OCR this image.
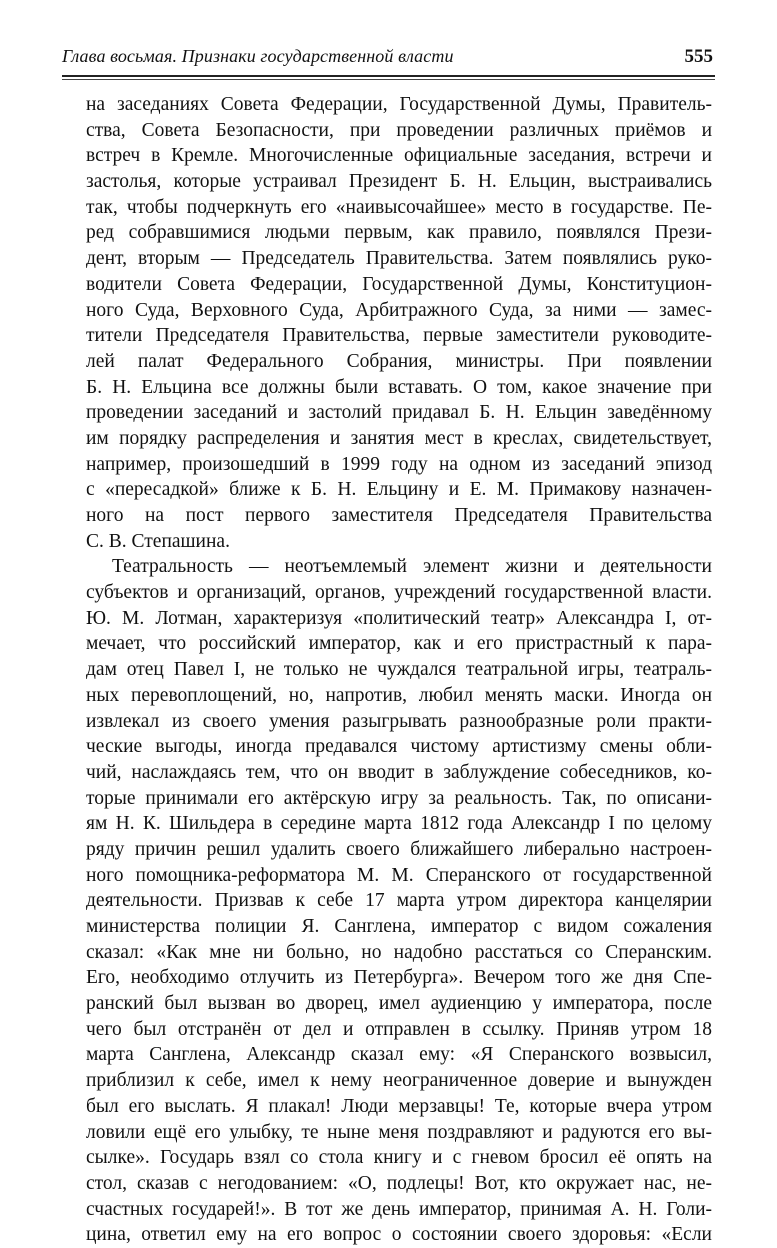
Глава восьмая. Признаки государственной власти	555
на заседаниях Совета Федерации, Государственной Думы, Правитель-
ства, Совета Безопасности, при проведении различных приёмов и
встреч в Кремле. Многочисленные официальные заседания, встречи и
застолья, которые устраивал Президент Б. Н. Ельцин, выстраивались
так, чтобы подчеркнуть его «наивысочайшее» место в государстве. Пе-
ред собравшимися людьми первым, как правило, появлялся Прези-
дент, вторым — Председатель Правительства. Затем появлялись руко-
водители Совета Федерации, Государственной Думы, Конституцион-
ного Суда, Верховного Суда, Арбитражного Суда, за ними — замес-
тители Председателя Правительства, первые заместители руководите-
лей палат Федерального Собрания, министры. При появлении
Б. Н. Ельцина все должны были вставать. О том, какое значение при
проведении заседаний и застолий придавал Б. Н. Ельцин заведённому
им порядку распределения и занятия мест в креслах, свидетельствует,
например, произошедший в 1999 году на одном из заседаний эпизод
с «пересадкой» ближе к Б. Н. Ельцину и Е. М. Примакову назначен-
ного на пост первого заместителя Председателя Правительства
С. В. Степашина.
Театральность — неотъемлемый элемент жизни и деятельности
субъектов и организаций, органов, учреждений государственной власти.
Ю. М. Лотман, характеризуя «политический театр» Александра I, от-
мечает, что российский император, как и его пристрастный к пара-
дам отец Павел I, не только не чуждался театральной игры, театраль-
ных перевоплощений, но, напротив, любил менять маски. Иногда он
извлекал из своего умения разыгрывать разнообразные роли практи-
ческие выгоды, иногда предавался чистому артистизму смены обли-
чий, наслаждаясь тем, что он вводит в заблуждение собеседников, ко-
торые принимали его актёрскую игру за реальность. Так, по описани-
ям Н. К. Шильдера в середине марта 1812 года Александр I по целому
ряду причин решил удалить своего ближайшего либерально настроен-
ного помощника-реформатора М. М. Сперанского от государственной
деятельности. Призвав к себе 17 марта утром директора канцелярии
министерства полиции Я. Санглена, император с видом сожаления
сказал: «Как мне ни больно, но надобно расстаться со Сперанским.
Его, необходимо отлучить из Петербурга». Вечером того же дня Спе-
ранский был вызван во дворец, имел аудиенцию у императора, после
чего был отстранён от дел и отправлен в ссылку. Приняв утром 18
марта Санглена, Александр сказал ему: «Я Сперанского возвысил,
приблизил к себе, имел к нему неограниченное доверие и вынужден
был его выслать. Я плакал! Люди мерзавцы! Те, которые вчера утром
ловили ещё его улыбку, те ныне меня поздравляют и радуются его вы-
сылке». Государь взял со стола книгу и с гневом бросил её опять на
стол, сказав с негодованием: «О, подлецы! Вот, кто окружает нас, не-
счастных государей!». В тот же день император, принимая А. Н. Голи-
цина, ответил ему на его вопрос о состоянии своего здоровья: «Если
